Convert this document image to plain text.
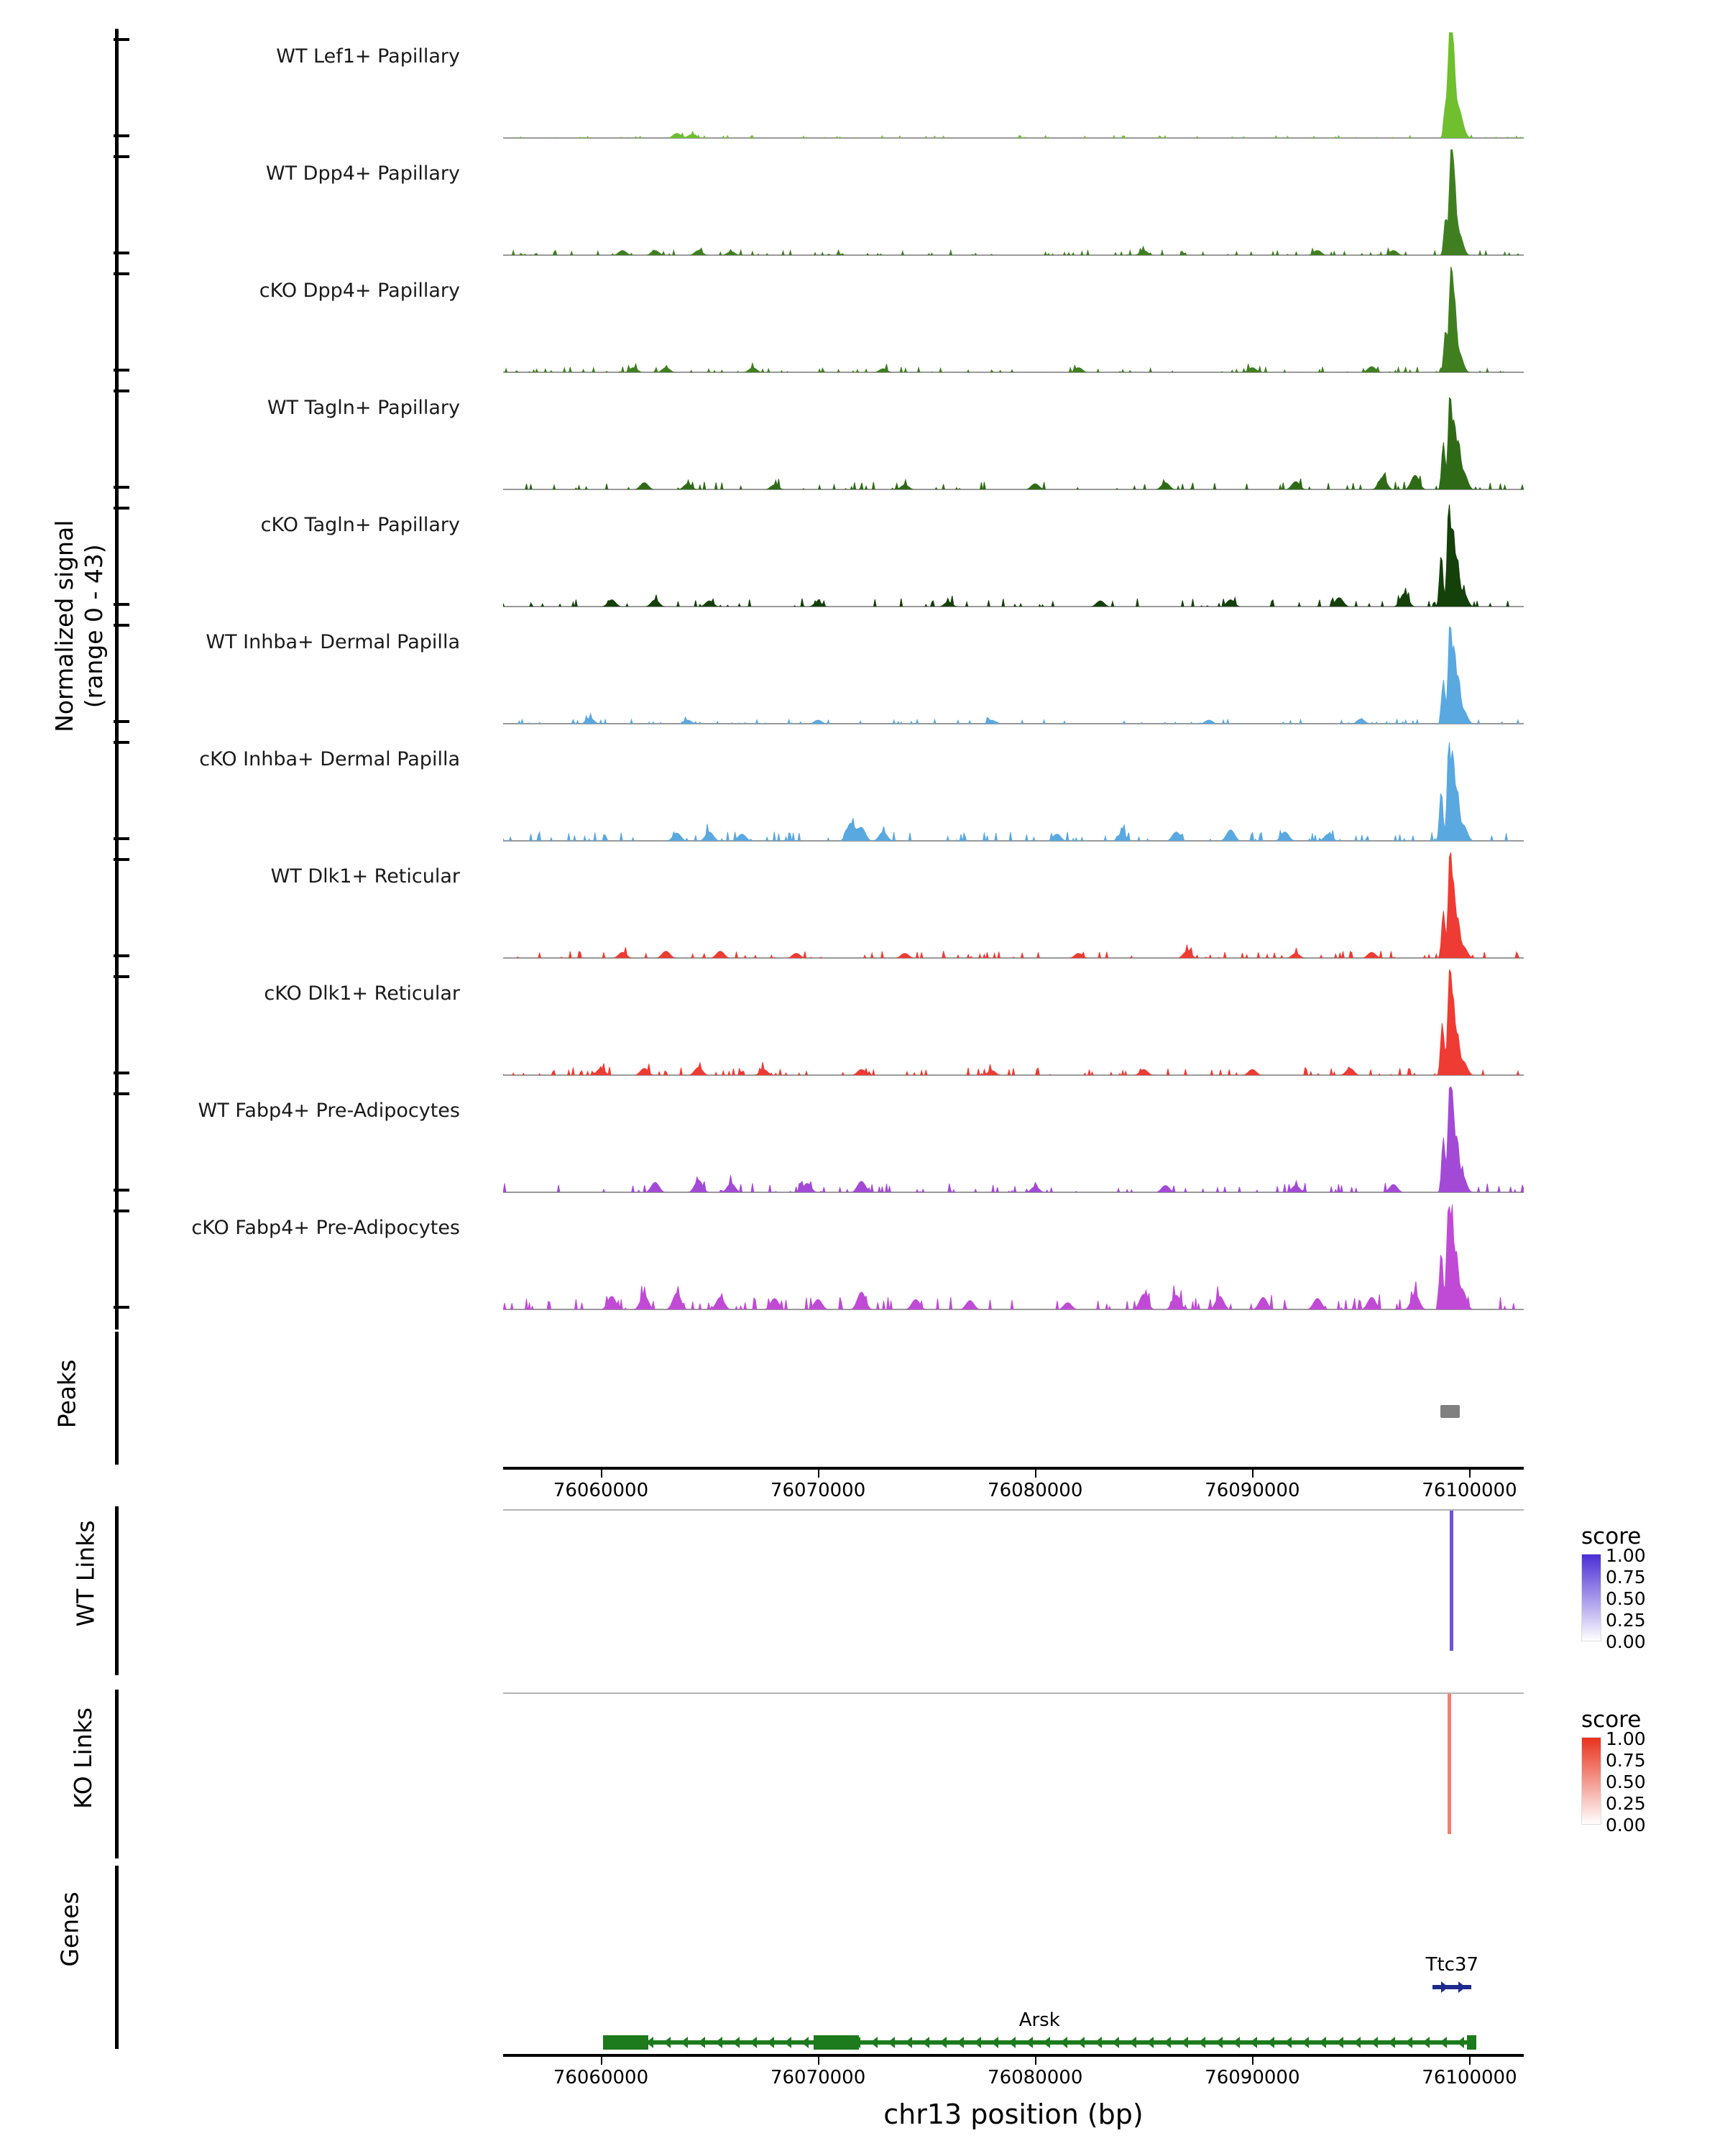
Normalized signal
(range 0 - 43)
WT Lef1+ Papillary
WT Dpp4+ Papillary
cKO Dpp4+ Papillary
WT Tagln+ Papillary
cKO Tagln+ Papillary
WT Inhba+ Dermal Papilla
cKO Inhba+ Dermal Papilla
WT Dlk1+ Reticular
cKO Dlk1+ Reticular
WT Fabp4+ Pre-Adipocytes
cKO Fabp4+ Pre-Adipocytes
Peaks
76060000	76070000	76080000	76090000	76100000
WT Links	score
1.00
0.75
0.50
0.25
0.00
KO Links	score
1.00
0.75
0.50
0.25
0.00
Genes	Ttc37
Arsk
76060000	76070000	76080000	76090000	76100000
chr13 position (bp)
